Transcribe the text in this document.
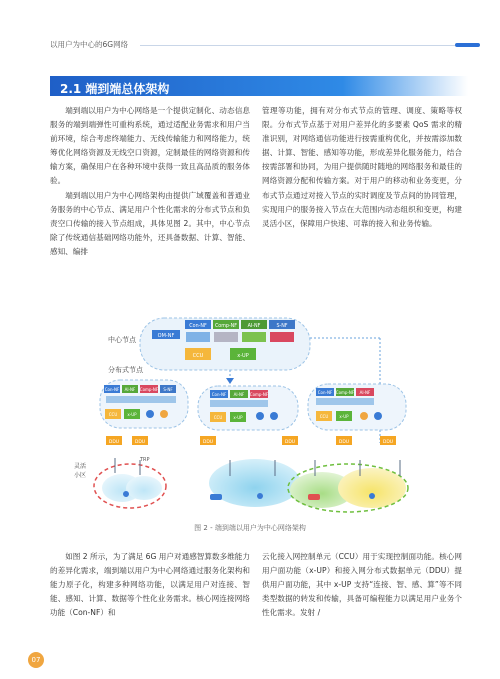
以用户为中心的6G网络
2.1 端到端总体架构

端到端以用户为中心网络是一个提供定制化、动态信息服务的端到端弹性可重构系统，通过适配业务需求和用户当前环境，综合考虑终端能力、无线传输能力和网络能力，统筹优化网络资源及无线空口资源，定制最佳的网络资源和传输方案，确保用户在各种环境中获得一致且高品质的服务体验。

端到端以用户为中心网络架构由提供广域覆盖和普通业务服务的中心节点、满足用户个性化需求的分布式节点和负责空口传输的接入节点组成，具体见图 2。其中，中心节点除了传统通信基础网络功能外，还具备数据、计算、智能、感知、编排

管理等功能，拥有对分布式节点的管理、调度、策略等权限。分布式节点基于对用户差异化的多要素 QoS 需求的精准识别，对网络通信功能进行按需重构优化，并按需添加数据、计算、智能、感知等功能，形成差异化服务能力，结合按需部署和协同，为用户提供随时随地的网络服务和最佳的网络资源分配和传输方案。对于用户的移动和业务变更，分布式节点通过对接入节点的实时调度及节点间的协同管理，实现用户的服务接入节点在大范围内动态组织和变更，构建灵活小区，保障用户快速、可靠的接入和业务传输。

中心节点	OM-NF
Con-NF Comp-NF AI-NF	S-NF
CCU	x-UP
分布式节点
Con-NF AI-NF Comp-NF S-NF
CCU	x-UP
Con-NF AI-NF Comp-NF
CCU	x-UP
Con-NF Comp-NF AI-NF
CCU	x-UP
DDU	DDU	DDU	DDU	DDU	DDU
TRP
灵活
小区
图 2 - 端到端以用户为中心网络架构

如图 2 所示，为了满足 6G 用户对通感智算数多维能力的差异化需求，端到端以用户为中心网络通过服务化架构和能力原子化，构建多种网络功能，以满足用户对连接、智能、感知、计算、数据等个性化业务需求。核心网连接网络功能（Con-NF）和

云化接入网控制单元（CCU）用于实现控制面功能。核心网用户面功能（x-UP）和接入网分布式数据单元（DDU）提供用户面功能，其中 x-UP 支持“连接、智、感、算”等不同类型数据的转发和传输，具备可编程能力以满足用户业务个性化需求。发射 /

07
